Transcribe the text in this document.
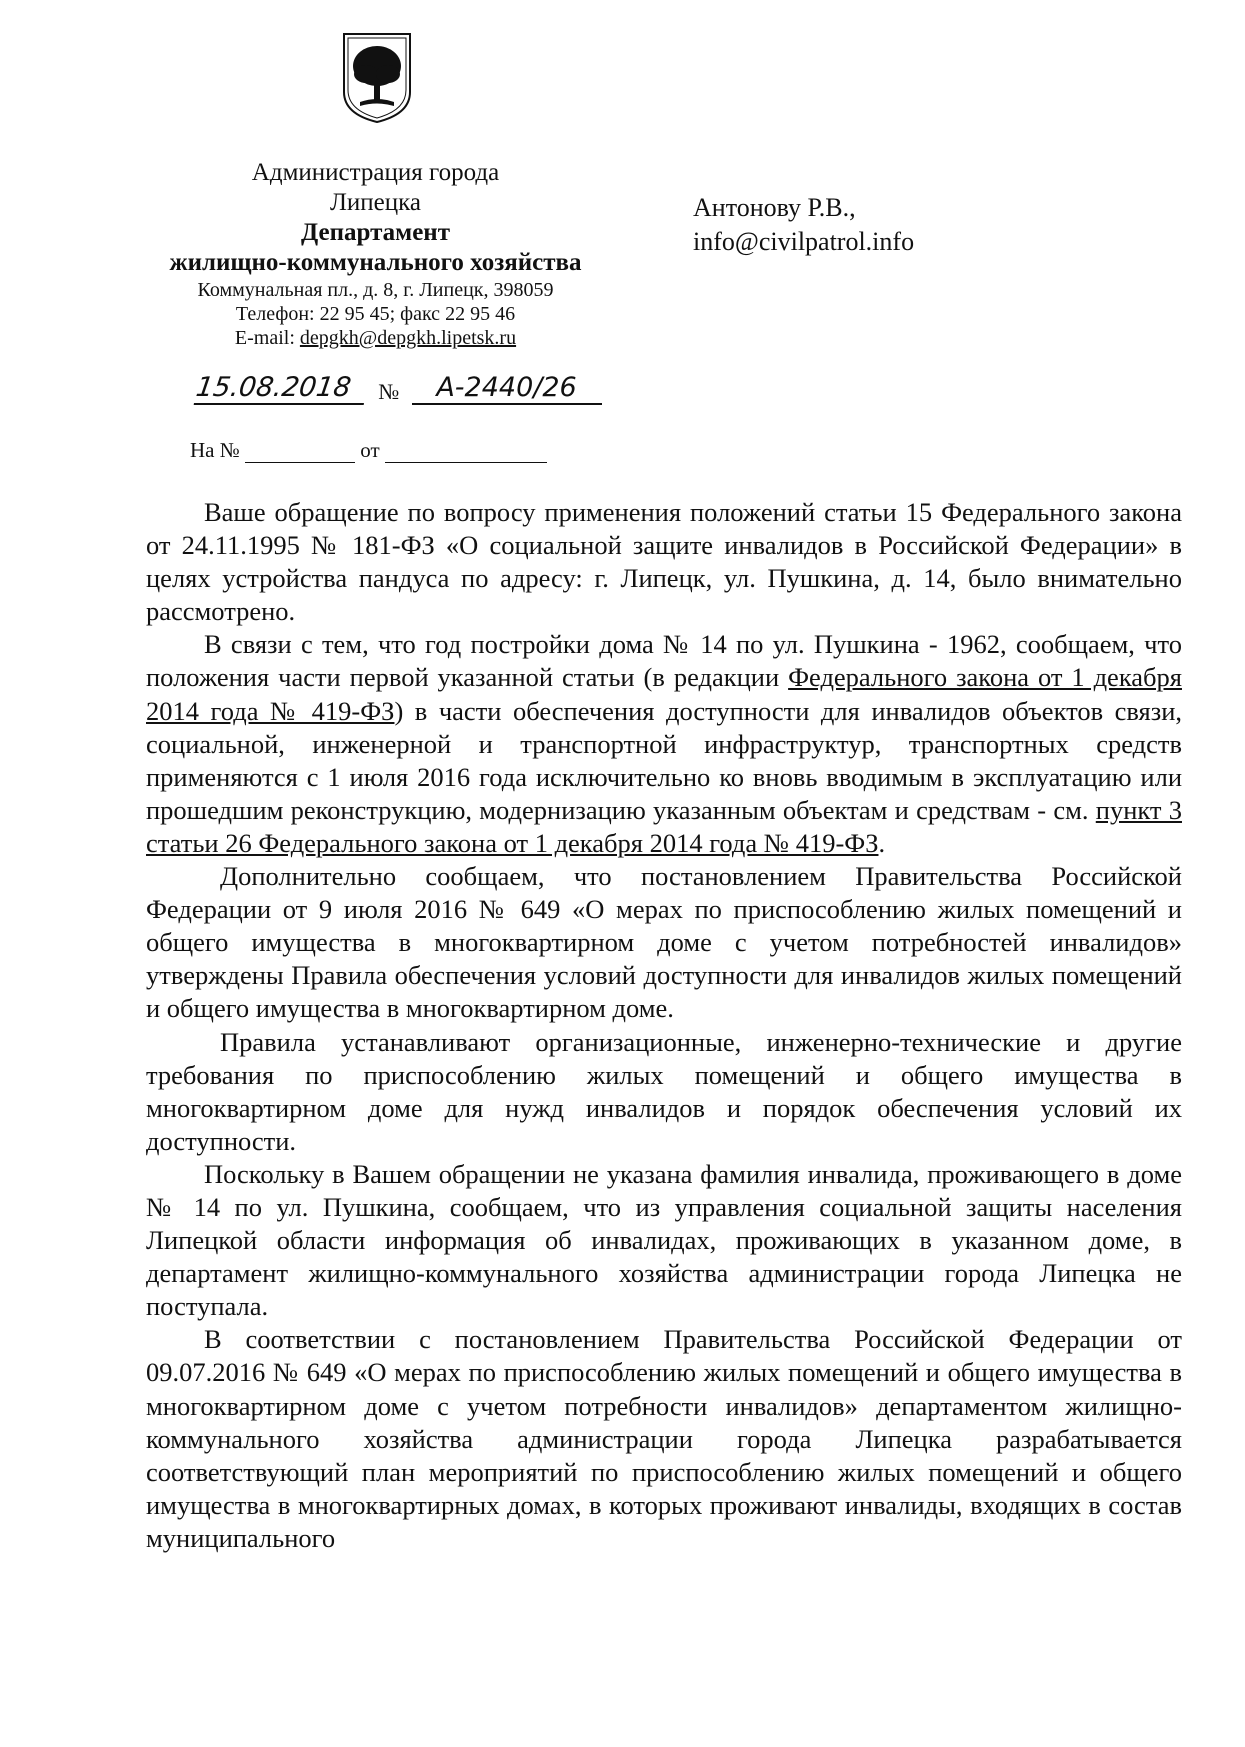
Администрация города
Липецка
Департамент
жилищно-коммунального хозяйства
Коммунальная пл., д. 8, г. Липецк, 398059
Телефон: 22 95 45; факс 22 95 46
E-mail: depgkh@depgkh.lipetsk.ru
Антонову Р.В.,
info@civilpatrol.info
15.08.2018 № А-2440/26
На №	от

Ваше обращение по вопросу применения положений статьи 15 Федерального закона от 24.11.1995 № 181-ФЗ «О социальной защите инвалидов в Российской Федерации» в целях устройства пандуса по адресу: г. Липецк, ул. Пушкина, д. 14, было внимательно рассмотрено.

В связи с тем, что год постройки дома № 14 по ул. Пушкина - 1962, сообщаем, что положения части первой указанной статьи (в редакции Федерального закона от 1 декабря 2014 года № 419-ФЗ) в части обеспечения доступности для инвалидов объектов связи, социальной, инженерной и транспортной инфраструктур, транспортных средств применяются с 1 июля 2016 года исключительно ко вновь вводимым в эксплуатацию или прошедшим реконструкцию, модернизацию указанным объектам и средствам - см. пункт 3 статьи 26 Федерального закона от 1 декабря 2014 года № 419-ФЗ.

Дополнительно сообщаем, что постановлением Правительства Российской Федерации от 9 июля 2016 № 649 «О мерах по приспособлению жилых помещений и общего имущества в многоквартирном доме с учетом потребностей инвалидов» утверждены Правила обеспечения условий доступности для инвалидов жилых помещений и общего имущества в многоквартирном доме.

Правила устанавливают организационные, инженерно-технические и другие требования по приспособлению жилых помещений и общего имущества в многоквартирном доме для нужд инвалидов и порядок обеспечения условий их доступности.

Поскольку в Вашем обращении не указана фамилия инвалида, проживающего в доме № 14 по ул. Пушкина, сообщаем, что из управления социальной защиты населения Липецкой области информация об инвалидах, проживающих в указанном доме, в департамент жилищно-коммунального хозяйства администрации города Липецка не поступала.

В соответствии с постановлением Правительства Российской Федерации от 09.07.2016 № 649 «О мерах по приспособлению жилых помещений и общего имущества в многоквартирном доме с учетом потребности инвалидов» департаментом жилищно-коммунального хозяйства администрации города Липецка разрабатывается соответствующий план мероприятий по приспособлению жилых помещений и общего имущества в многоквартирных домах, в которых проживают инвалиды, входящих в состав муниципального
